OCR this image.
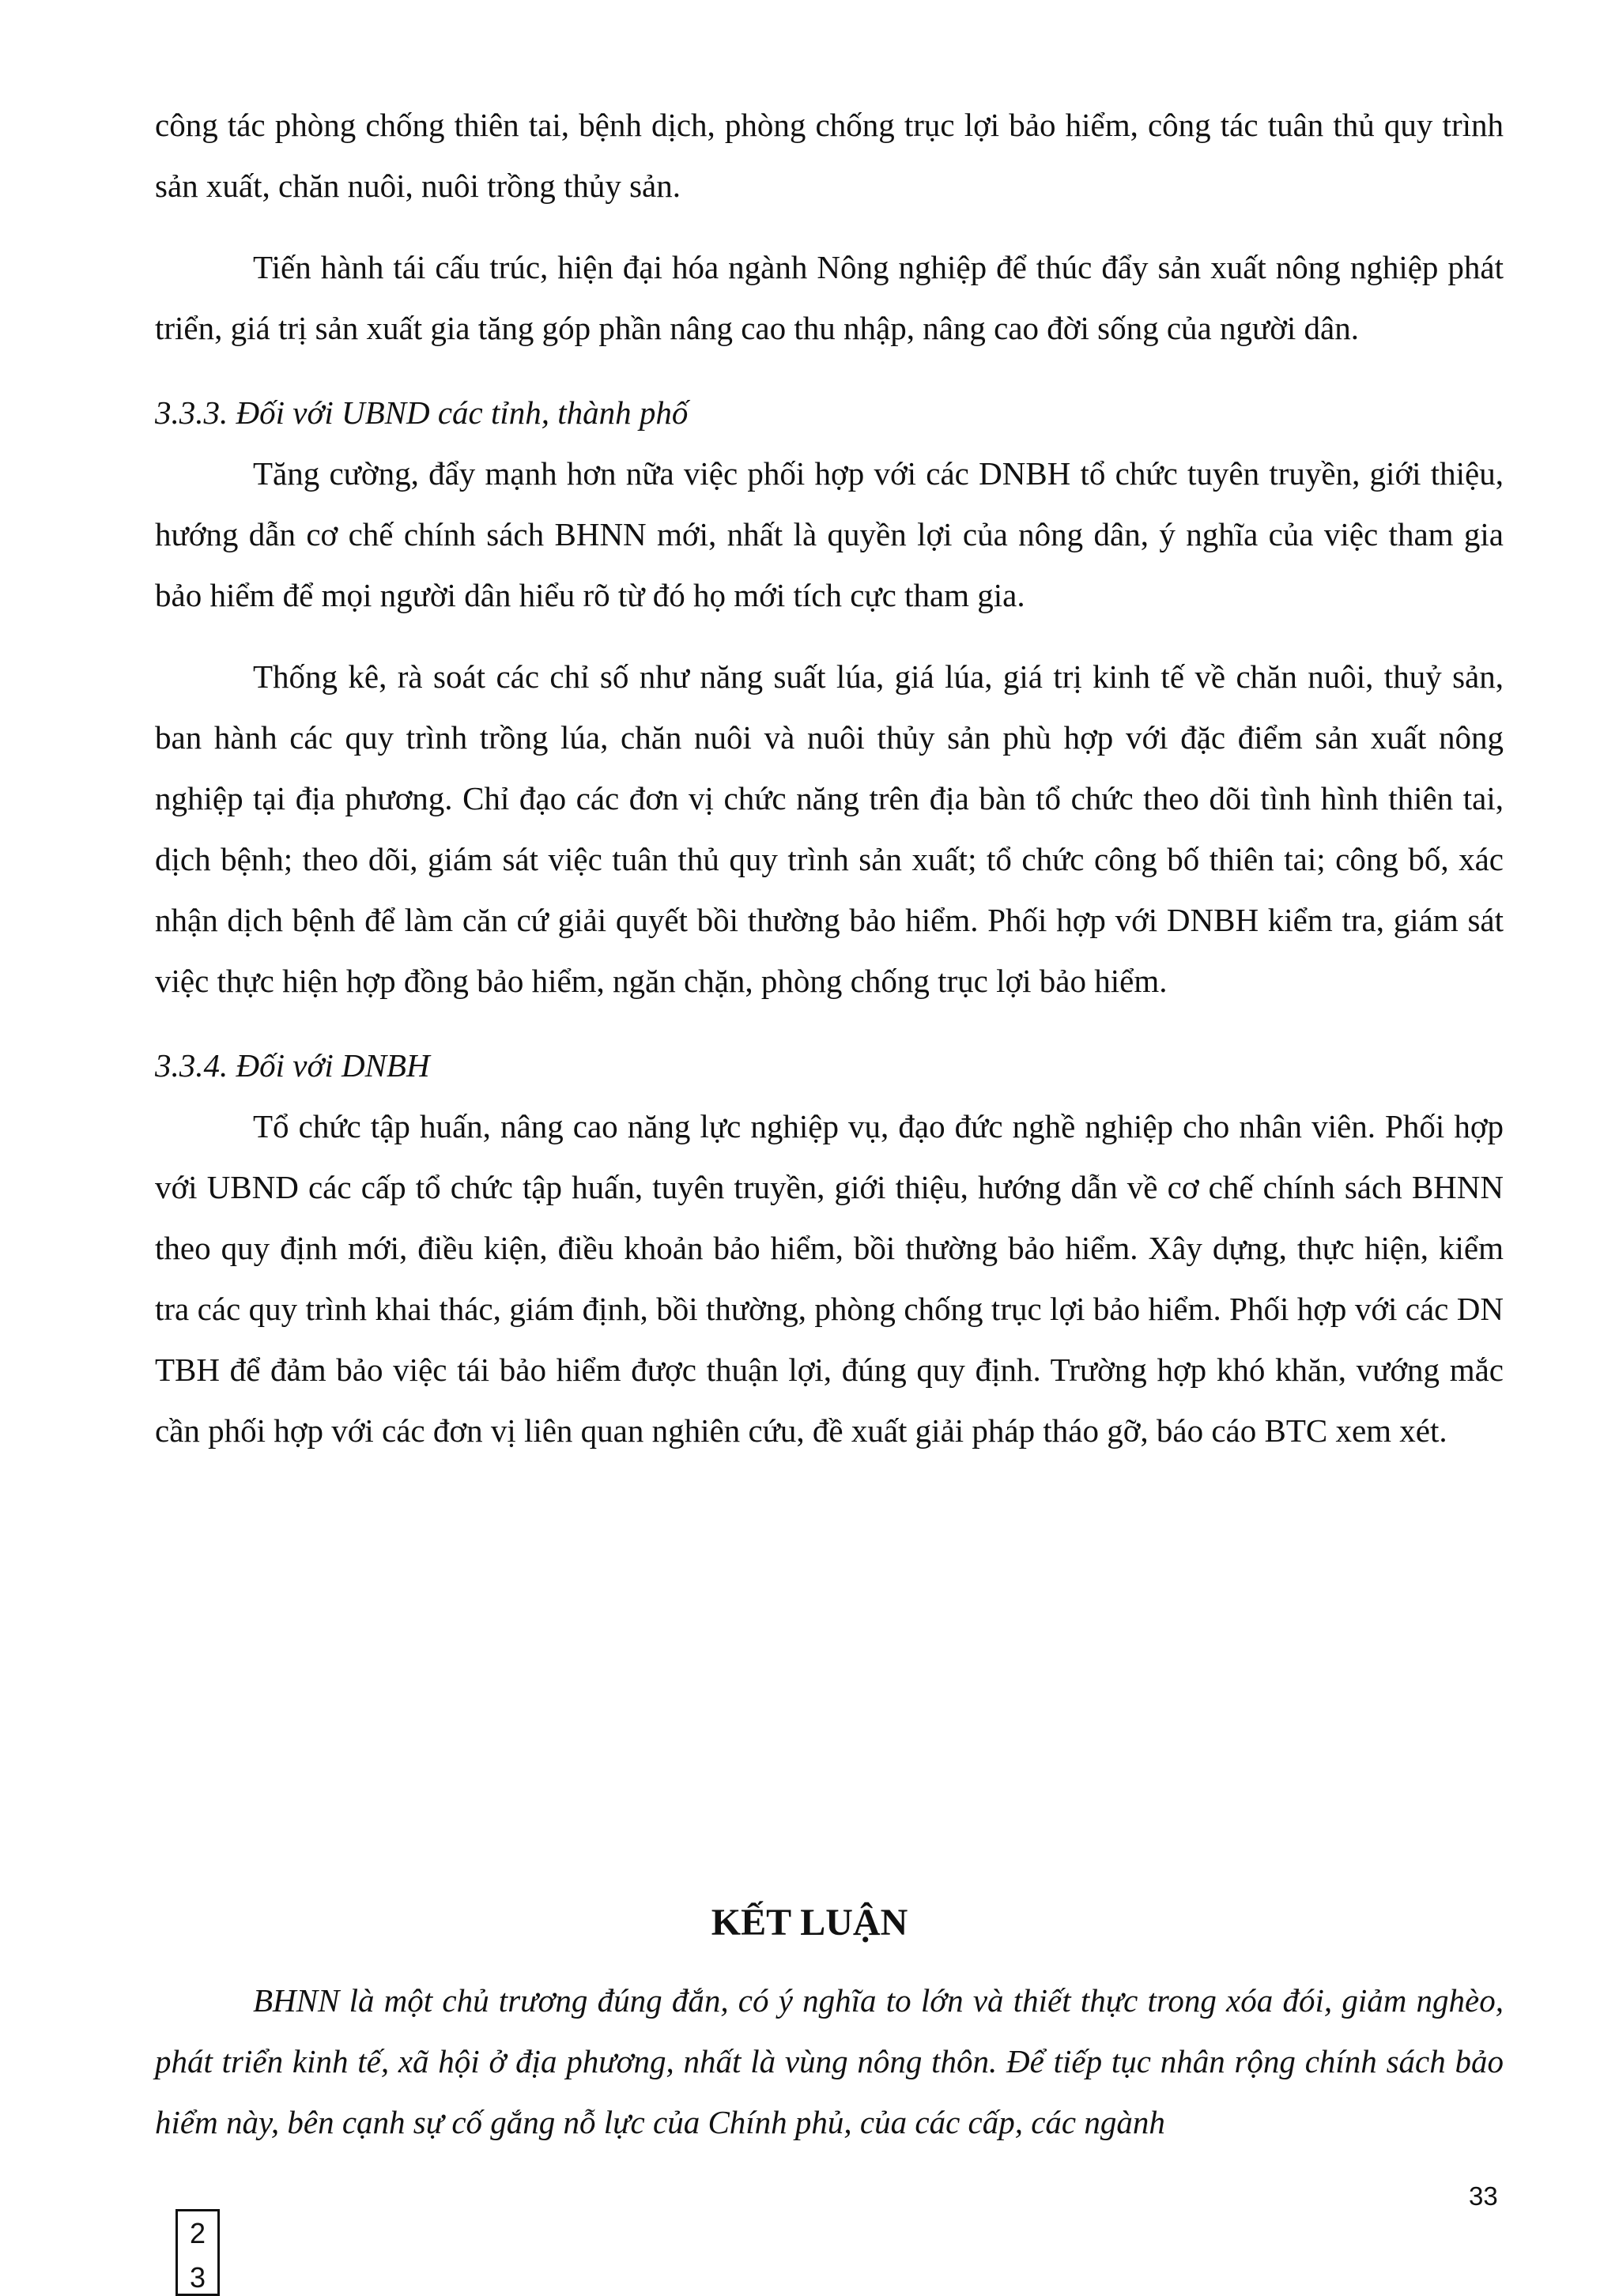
công tác phòng chống thiên tai, bệnh dịch, phòng chống trục lợi bảo hiểm, công tác tuân thủ quy trình sản xuất, chăn nuôi, nuôi trồng thủy sản.

Tiến hành tái cấu trúc, hiện đại hóa ngành Nông nghiệp để thúc đẩy sản xuất nông nghiệp phát triển, giá trị sản xuất gia tăng góp phần nâng cao thu nhập, nâng cao đời sống của người dân.

3.3.3. Đối với UBND các tỉnh, thành phố

Tăng cường, đẩy mạnh hơn nữa việc phối hợp với các DNBH tổ chức tuyên truyền, giới thiệu, hướng dẫn cơ chế chính sách BHNN mới, nhất là quyền lợi của nông dân, ý nghĩa của việc tham gia bảo hiểm để mọi người dân hiểu rõ từ đó họ mới tích cực tham gia.

Thống kê, rà soát các chỉ số như năng suất lúa, giá lúa, giá trị kinh tế về chăn nuôi, thuỷ sản, ban hành các quy trình trồng lúa, chăn nuôi và nuôi thủy sản phù hợp với đặc điểm sản xuất nông nghiệp tại địa phương. Chỉ đạo các đơn vị chức năng trên địa bàn tổ chức theo dõi tình hình thiên tai, dịch bệnh; theo dõi, giám sát việc tuân thủ quy trình sản xuất; tổ chức công bố thiên tai; công bố, xác nhận dịch bệnh để làm căn cứ giải quyết bồi thường bảo hiểm. Phối hợp với DNBH kiểm tra, giám sát việc thực hiện hợp đồng bảo hiểm, ngăn chặn, phòng chống trục lợi bảo hiểm.

3.3.4. Đối với DNBH

Tổ chức tập huấn, nâng cao năng lực nghiệp vụ, đạo đức nghề nghiệp cho nhân viên. Phối hợp với UBND các cấp tổ chức tập huấn, tuyên truyền, giới thiệu, hướng dẫn về cơ chế chính sách BHNN theo quy định mới, điều kiện, điều khoản bảo hiểm, bồi thường bảo hiểm. Xây dựng, thực hiện, kiểm tra các quy trình khai thác, giám định, bồi thường, phòng chống trục lợi bảo hiểm. Phối hợp với các DN TBH để đảm bảo việc tái bảo hiểm được thuận lợi, đúng quy định. Trường hợp khó khăn, vướng mắc cần phối hợp với các đơn vị liên quan nghiên cứu, đề xuất giải pháp tháo gỡ, báo cáo BTC xem xét.

KẾT LUẬN

BHNN là một chủ trương đúng đắn, có ý nghĩa to lớn và thiết thực trong xóa đói, giảm nghèo, phát triển kinh tế, xã hội ở địa phương, nhất là vùng nông thôn. Để tiếp tục nhân rộng chính sách bảo hiểm này, bên cạnh sự cố gắng nỗ lực của Chính phủ, của các cấp, các ngành

33
2 3
